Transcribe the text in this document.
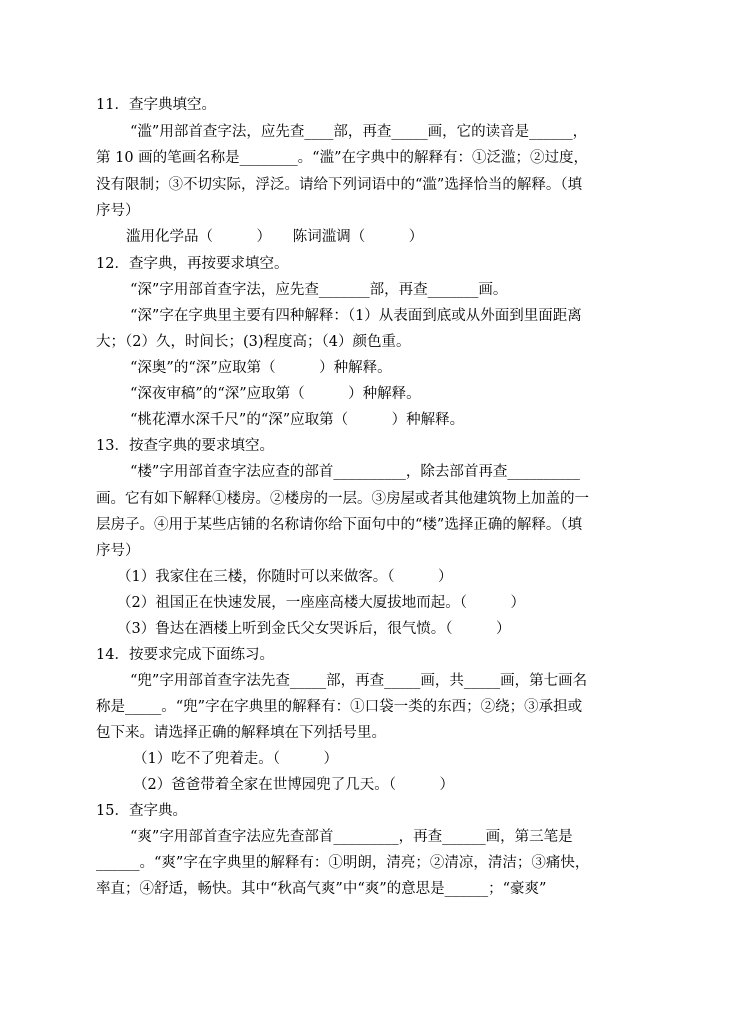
11．查字典填空。

“滥”用部首查字法，应先查____部，再查_____画，它的读音是______，

第 10 画的笔画名称是________。“滥”在字典中的解释有：①泛滥；②过度，

没有限制；③不切实际，浮泛。请给下列词语中的“滥”选择恰当的解释。（填

序号）

滥用化学品（　　　）　　陈词滥调（　　　）

12．查字典，再按要求填空。

“深”字用部首查字法，应先查_______部，再查_______画。

“深”字在字典里主要有四种解释：（1）从表面到底或从外面到里面距离

大；（2）久，时间长；(3)程度高；（4）颜色重。

“深奥”的“深”应取第（　　　）种解释。

“深夜审稿”的“深”应取第（　　　）种解释。

“桃花潭水深千尺”的“深”应取第（　　　）种解释。

13．按查字典的要求填空。

“楼”字用部首查字法应查的部首__________，除去部首再查__________

画。它有如下解释①楼房。②楼房的一层。③房屋或者其他建筑物上加盖的一

层房子。④用于某些店铺的名称请你给下面句中的“楼”选择正确的解释。（填

序号）

（1）我家住在三楼，你随时可以来做客。（　　　）

（2）祖国正在快速发展，一座座高楼大厦拔地而起。（　　　）

（3）鲁达在酒楼上听到金氏父女哭诉后，很气愤。（　　　）

14．按要求完成下面练习。

“兜”字用部首查字法先查_____部，再查_____画，共_____画，第七画名

称是_____。“兜”字在字典里的解释有：①口袋一类的东西；②绕；③承担或

包下来。请选择正确的解释填在下列括号里。

（1）吃不了兜着走。（　　　）

（2）爸爸带着全家在世博园兜了几天。（　　　）

15．查字典。

“爽”字用部首查字法应先查部首_________，再查______画，第三笔是

______。“爽”字在字典里的解释有：①明朗，清亮；②清凉，清洁；③痛快，

率直；④舒适，畅快。其中“秋高气爽”中“爽”的意思是______；“豪爽”
